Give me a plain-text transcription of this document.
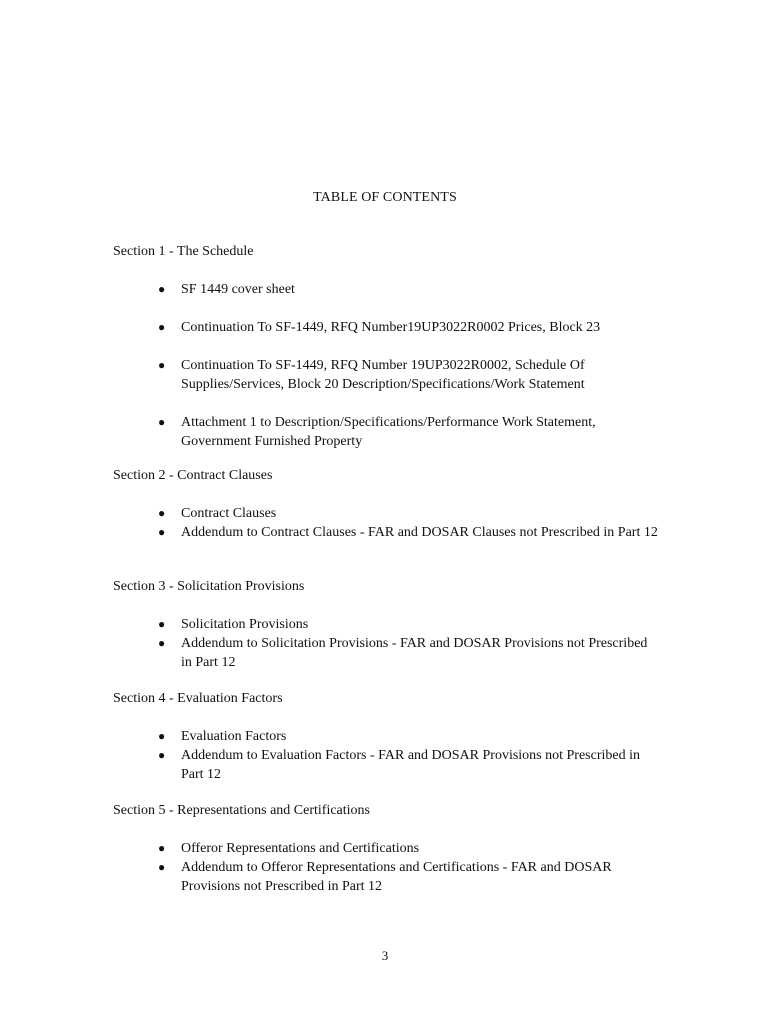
TABLE OF CONTENTS
Section 1 - The Schedule
● SF 1449 cover sheet
● Continuation To SF-1449, RFQ Number19UP3022R0002 Prices, Block 23
● Continuation To SF-1449, RFQ Number 19UP3022R0002, Schedule Of Supplies/Services, Block 20 Description/Specifications/Work Statement
● Attachment 1 to Description/Specifications/Performance Work Statement, Government Furnished Property
Section 2 - Contract Clauses
● Contract Clauses
● Addendum to Contract Clauses - FAR and DOSAR Clauses not Prescribed in Part 12
Section 3 - Solicitation Provisions
● Solicitation Provisions
● Addendum to Solicitation Provisions - FAR and DOSAR Provisions not Prescribed in Part 12
Section 4 - Evaluation Factors
● Evaluation Factors
● Addendum to Evaluation Factors - FAR and DOSAR Provisions not Prescribed in Part 12
Section 5 - Representations and Certifications
● Offeror Representations and Certifications
● Addendum to Offeror Representations and Certifications - FAR and DOSAR Provisions not Prescribed in Part 12
3
